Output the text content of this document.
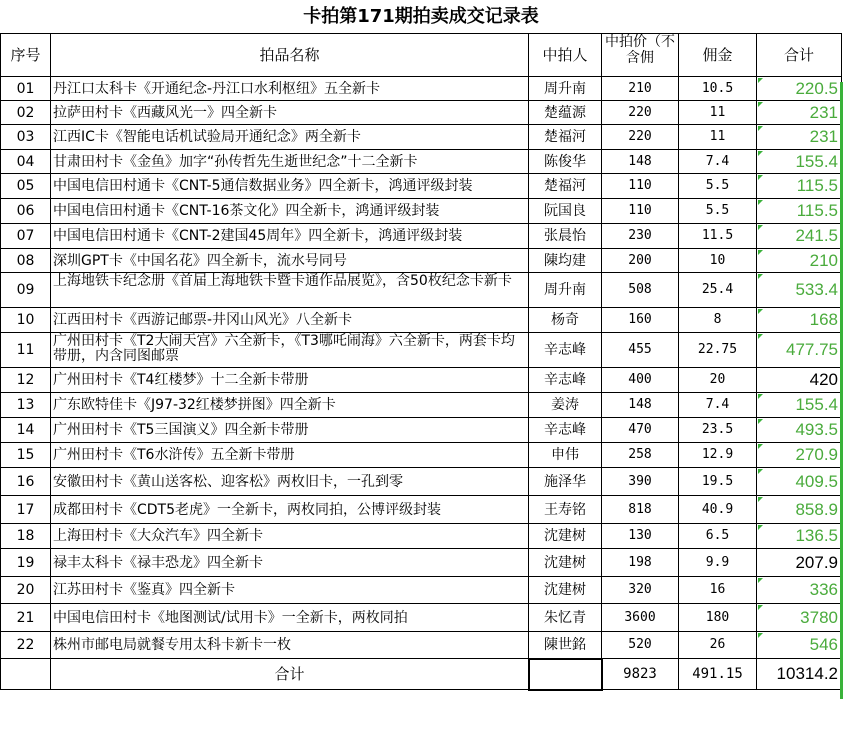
卡拍第171期拍卖成交记录表					
序号	拍品名称	中拍人	中拍价（不含佣	佣金	合计
01	丹江口太科卡《开通纪念-丹江口水利枢纽》五全新卡	周升南	210	10.5	220.5
02	拉萨田村卡《西藏风光一》四全新卡	楚蕴源	220	11	231
03	江西IC卡《智能电话机试验局开通纪念》两全新卡	楚福河	220	11	231
04	甘肃田村卡《金鱼》加字“孙传哲先生逝世纪念”十二全新卡	陈俊华	148	7.4	155.4
05	中国电信田村通卡《CNT-5通信数据业务》四全新卡，鸿通评级封装	楚福河	110	5.5	115.5
06	中国电信田村通卡《CNT-16茶文化》四全新卡，鸿通评级封装	阮国良	110	5.5	115.5
07	中国电信田村通卡《CNT-2建国45周年》四全新卡，鸿通评级封装	张晨怡	230	11.5	241.5
08	深圳GPT卡《中国名花》四全新卡，流水号同号	陳均建	200	10	210
09	上海地铁卡纪念册《首届上海地铁卡暨卡通作品展览》，含50枚纪念卡新卡	周升南	508	25.4	533.4
10	江西田村卡《西游记邮票-井冈山风光》八全新卡	杨奇	160	8	168
11	广州田村卡《T2大闹天宫》六全新卡，《T3哪吒闹海》六全新卡，两套卡均带册，内含同图邮票	辛志峰	455	22.75	477.75
12	广州田村卡《T4红楼梦》十二全新卡带册	辛志峰	400	20	420
13	广东欧特佳卡《J97-32红楼梦拼图》四全新卡	姜涛	148	7.4	155.4
14	广州田村卡《T5三国演义》四全新卡带册	辛志峰	470	23.5	493.5
15	广州田村卡《T6水浒传》五全新卡带册	申伟	258	12.9	270.9
16	安徽田村卡《黄山送客松、迎客松》两枚旧卡，一孔到零	施泽华	390	19.5	409.5
17	成都田村卡《CDT5老虎》一全新卡，两枚同拍，公博评级封装	王寿铭	818	40.9	858.9
18	上海田村卡《大众汽车》四全新卡	沈建树	130	6.5	136.5
19	禄丰太科卡《禄丰恐龙》四全新卡	沈建树	198	9.9	207.9
20	江苏田村卡《鉴真》四全新卡	沈建树	320	16	336
21	中国电信田村卡《地图测试/试用卡》一全新卡，两枚同拍	朱忆青	3600	180	3780
22	株州市邮电局就餐专用太科卡新卡一枚	陳世銘	520	26	546
	合计		9823	491.15	10314.2
